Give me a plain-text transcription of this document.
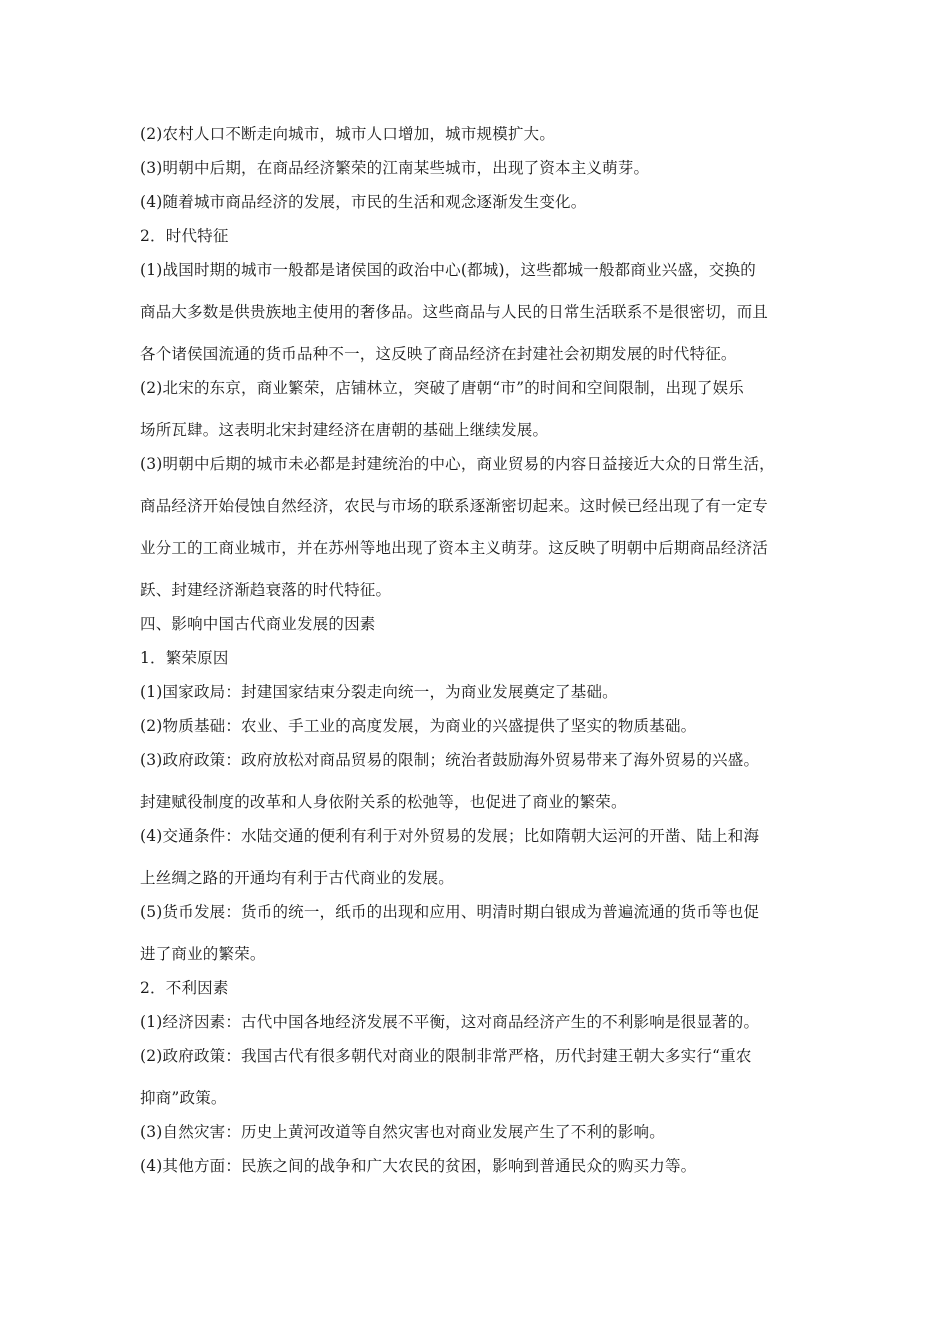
(2)农村人口不断走向城市，城市人口增加，城市规模扩大。
(3)明朝中后期，在商品经济繁荣的江南某些城市，出现了资本主义萌芽。
(4)随着城市商品经济的发展，市民的生活和观念逐渐发生变化。
2．时代特征
(1)战国时期的城市一般都是诸侯国的政治中心(都城)，这些都城一般都商业兴盛，交换的
商品大多数是供贵族地主使用的奢侈品。这些商品与人民的日常生活联系不是很密切，而且
各个诸侯国流通的货币品种不一，这反映了商品经济在封建社会初期发展的时代特征。
(2)北宋的东京，商业繁荣，店铺林立，突破了唐朝“市”的时间和空间限制，出现了娱乐
场所瓦肆。这表明北宋封建经济在唐朝的基础上继续发展。
(3)明朝中后期的城市未必都是封建统治的中心，商业贸易的内容日益接近大众的日常生活，
商品经济开始侵蚀自然经济，农民与市场的联系逐渐密切起来。这时候已经出现了有一定专
业分工的工商业城市，并在苏州等地出现了资本主义萌芽。这反映了明朝中后期商品经济活
跃、封建经济渐趋衰落的时代特征。
四、影响中国古代商业发展的因素
1．繁荣原因
(1)国家政局：封建国家结束分裂走向统一，为商业发展奠定了基础。
(2)物质基础：农业、手工业的高度发展，为商业的兴盛提供了坚实的物质基础。
(3)政府政策：政府放松对商品贸易的限制；统治者鼓励海外贸易带来了海外贸易的兴盛。
封建赋役制度的改革和人身依附关系的松弛等，也促进了商业的繁荣。
(4)交通条件：水陆交通的便利有利于对外贸易的发展；比如隋朝大运河的开凿、陆上和海
上丝绸之路的开通均有利于古代商业的发展。
(5)货币发展：货币的统一，纸币的出现和应用、明清时期白银成为普遍流通的货币等也促
进了商业的繁荣。
2．不利因素
(1)经济因素：古代中国各地经济发展不平衡，这对商品经济产生的不利影响是很显著的。
(2)政府政策：我国古代有很多朝代对商业的限制非常严格，历代封建王朝大多实行“重农
抑商”政策。
(3)自然灾害：历史上黄河改道等自然灾害也对商业发展产生了不利的影响。
(4)其他方面：民族之间的战争和广大农民的贫困，影响到普通民众的购买力等。
